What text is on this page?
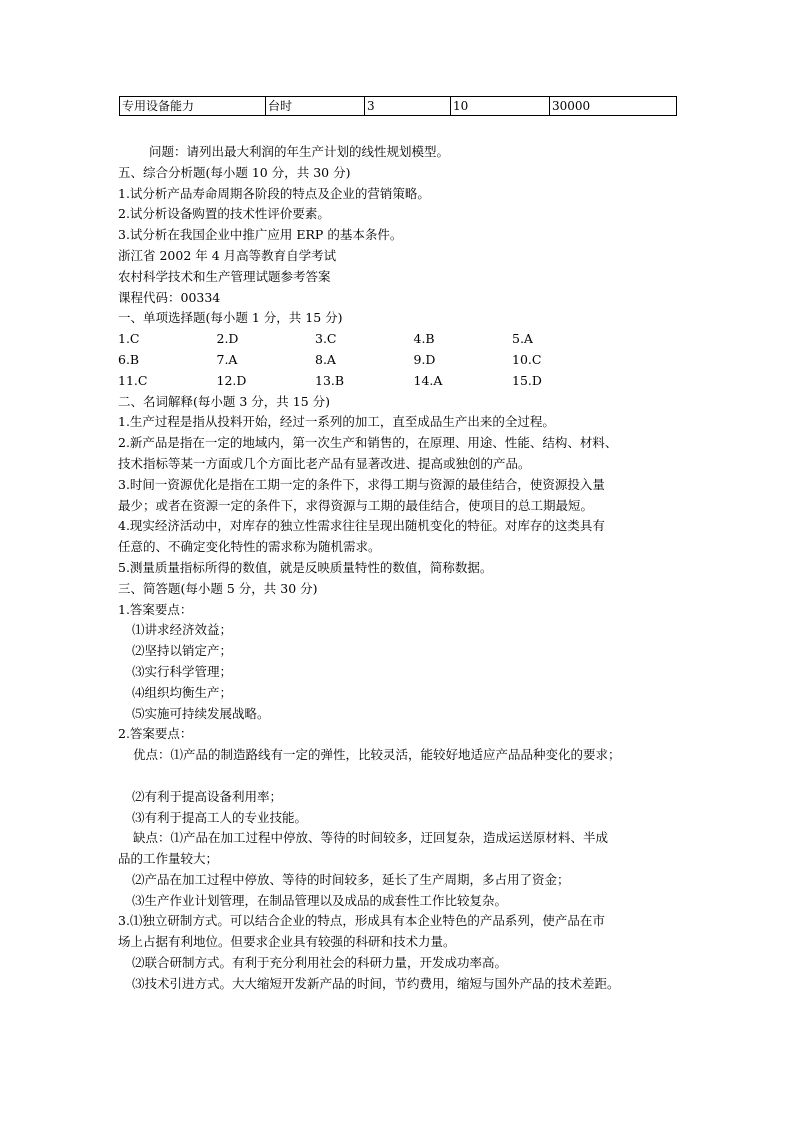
专用设备能力	台时	3	10	30000
问题：请列出最大利润的年生产计划的线性规划模型。
五、综合分析题(每小题 10 分，共 30 分)
1.试分析产品寿命周期各阶段的特点及企业的营销策略。
2.试分析设备购置的技术性评价要素。
3.试分析在我国企业中推广应用 ERP 的基本条件。
浙江省 2002 年 4 月高等教育自学考试
农村科学技术和生产管理试题参考答案
课程代码：00334
一、单项选择题(每小题 1 分，共 15 分)
1.C	2.D	3.C	4.B	5.A
6.B	7.A	8.A	9.D	10.C
11.C	12.D	13.B	14.A	15.D
二、名词解释(每小题 3 分，共 15 分)
1.生产过程是指从投料开始，经过一系列的加工，直至成品生产出来的全过程。
2.新产品是指在一定的地域内，第一次生产和销售的，在原理、用途、性能、结构、材料、
技术指标等某一方面或几个方面比老产品有显著改进、提高或独创的产品。
3.时间一资源优化是指在工期一定的条件下，求得工期与资源的最佳结合，使资源投入量
最少；或者在资源一定的条件下，求得资源与工期的最佳结合，使项目的总工期最短。
4.现实经济活动中，对库存的独立性需求往往呈现出随机变化的特征。对库存的这类具有
任意的、不确定变化特性的需求称为随机需求。
5.测量质量指标所得的数值，就是反映质量特性的数值，简称数据。
三、简答题(每小题 5 分，共 30 分)
1.答案要点：
⑴讲求经济效益；
⑵坚持以销定产；
⑶实行科学管理；
⑷组织均衡生产；
⑸实施可持续发展战略。
2.答案要点：
优点：⑴产品的制造路线有一定的弹性，比较灵活，能较好地适应产品品种变化的要求；
⑵有利于提高设备利用率；
⑶有利于提高工人的专业技能。
缺点：⑴产品在加工过程中停放、等待的时间较多，迂回复杂，造成运送原材料、半成
品的工作量较大；
⑵产品在加工过程中停放、等待的时间较多，延长了生产周期，多占用了资金；
⑶生产作业计划管理，在制品管理以及成品的成套性工作比较复杂。
3.⑴独立研制方式。可以结合企业的特点，形成具有本企业特色的产品系列，使产品在市
场上占据有利地位。但要求企业具有较强的科研和技术力量。
⑵联合研制方式。有利于充分利用社会的科研力量，开发成功率高。
⑶技术引进方式。大大缩短开发新产品的时间，节约费用，缩短与国外产品的技术差距。
